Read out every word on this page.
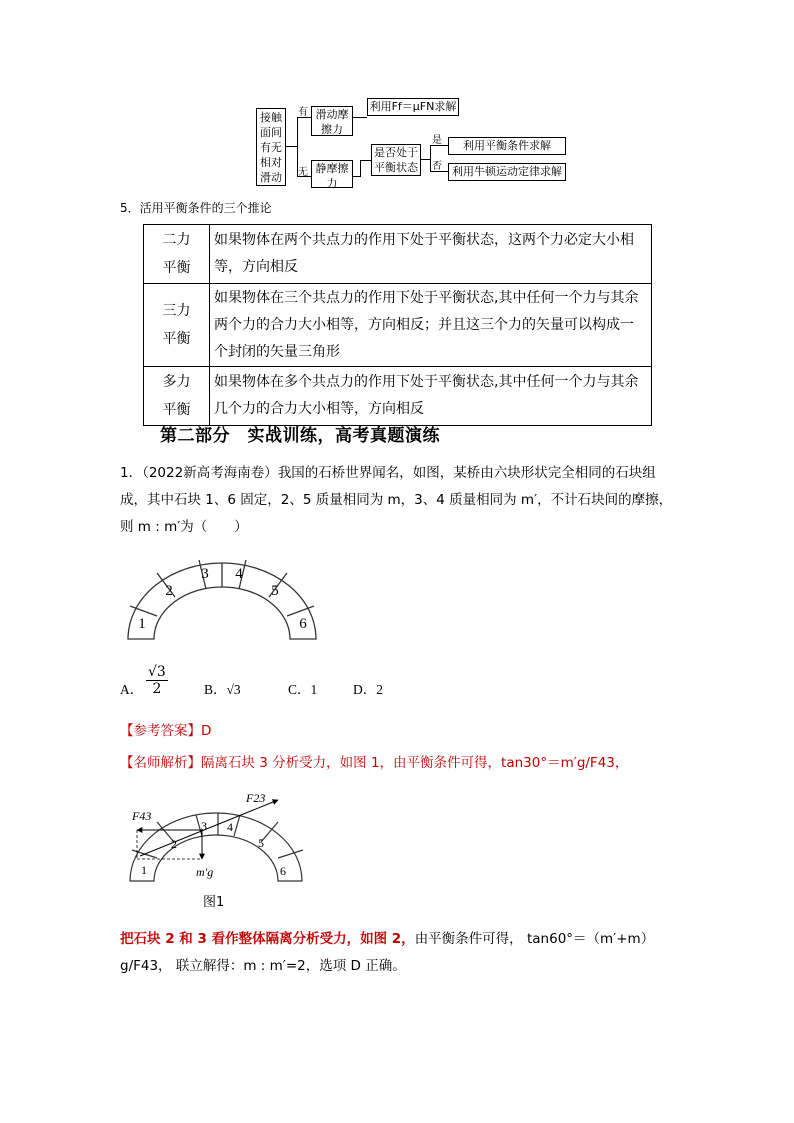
接触面间有无相对滑动
有
无
滑动摩擦力
利用Ff＝μFN求解
静摩擦力
是否处于平衡状态
是
否
利用平衡条件求解
利用牛顿运动定律求解
5．活用平衡条件的三个推论
二力平衡	如果物体在两个共点力的作用下处于平衡状态，这两个力必定大小相等，方向相反

三力平衡	如果物体在三个共点力的作用下处于平衡状态,其中任何一个力与其余两个力的合力大小相等，方向相反；并且这三个力的矢量可以构成一个封闭的矢量三角形

多力平衡	如果物体在多个共点力的作用下处于平衡状态,其中任何一个力与其余几个力的合力大小相等，方向相反
第二部分　实战训练，高考真题演练
1．（2022新高考海南卷）我国的石桥世界闻名，如图，某桥由六块形状完全相同的石块组
成，其中石块 1、6 固定，2、5 质量相同为 m，3、4 质量相同为 m′，不计石块间的摩擦，
则 m : m′为（　　）
1
2
3 4
5
6
A． $\frac{√3}{2}$	B．√3	C．1	D．2
【参考答案】D
【名师解析】隔离石块 3 分析受力，如图 1，由平衡条件可得，tan30°＝m′g/F43，
1
2
3 4
5
6
F43
F23
m′g
图1
把石块 2 和 3 看作整体隔离分析受力，如图 2，由平衡条件可得， tan60°＝（m′+m）
g/F43， 联立解得：m : m′=2，选项 D 正确。
